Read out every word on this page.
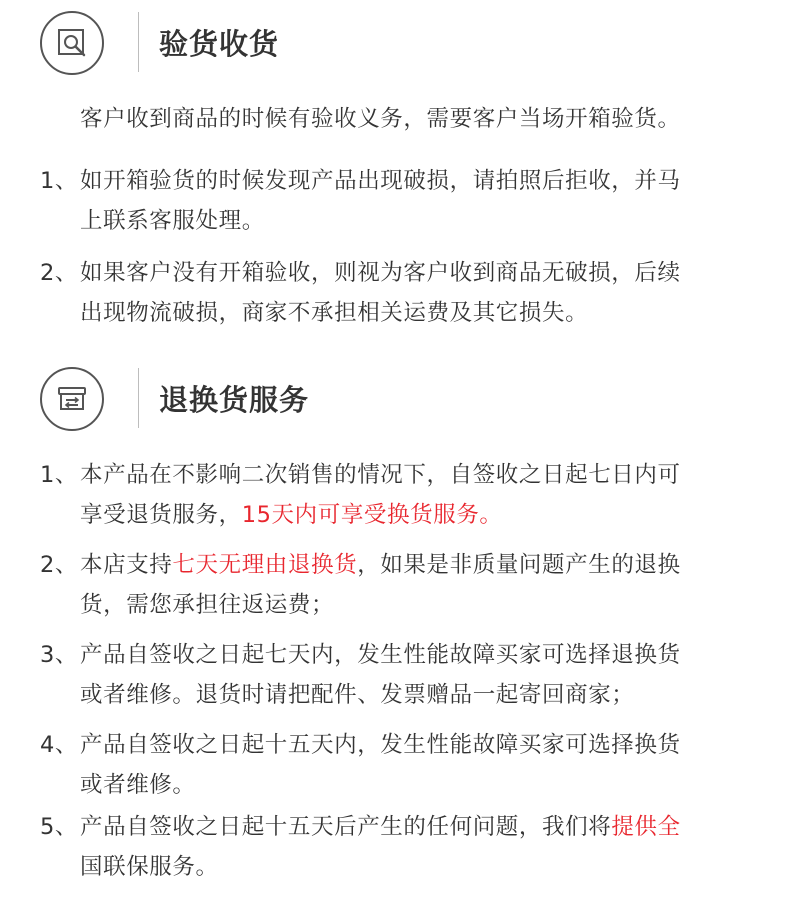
验货收货
客户收到商品的时候有验收义务，需要客户当场开箱验货。
1、 如开箱验货的时候发现产品出现破损，请拍照后拒收，并马
上联系客服处理。
2、 如果客户没有开箱验收，则视为客户收到商品无破损，后续
出现物流破损，商家不承担相关运费及其它损失。
退换货服务
1、 本产品在不影响二次销售的情况下，自签收之日起七日内可
享受退货服务，15天内可享受换货服务。
2、 本店支持七天无理由退换货，如果是非质量问题产生的退换
货，需您承担往返运费；
3、 产品自签收之日起七天内，发生性能故障买家可选择退换货
或者维修。退货时请把配件、发票赠品一起寄回商家；
4、 产品自签收之日起十五天内，发生性能故障买家可选择换货
或者维修。
5、 产品自签收之日起十五天后产生的任何问题，我们将提供全
国联保服务。
